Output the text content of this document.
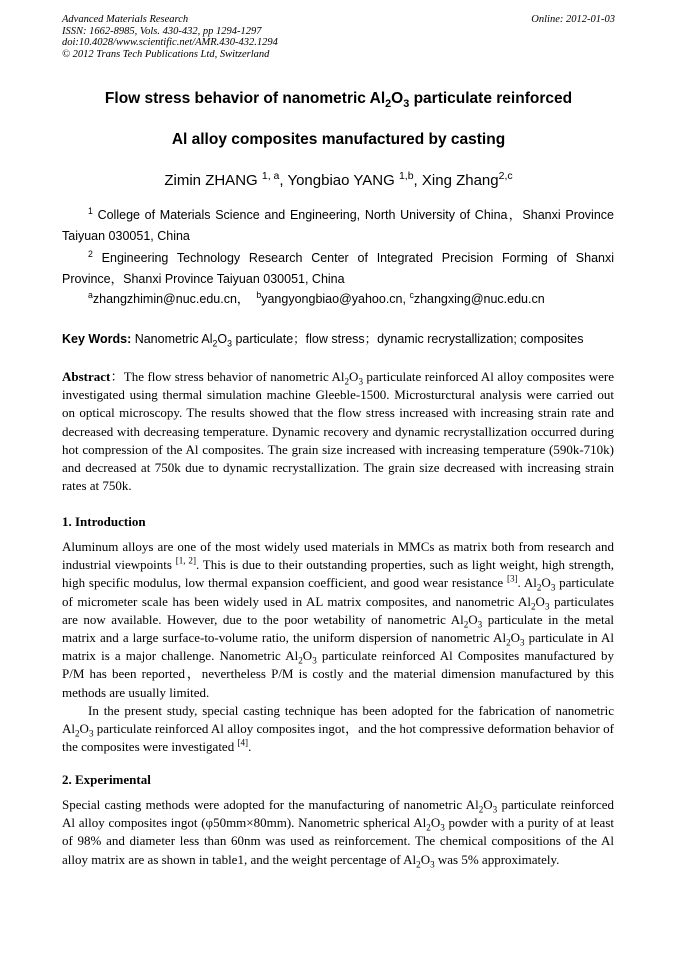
Advanced Materials Research
ISSN: 1662-8985, Vols. 430-432, pp 1294-1297
doi:10.4028/www.scientific.net/AMR.430-432.1294
© 2012 Trans Tech Publications Ltd, Switzerland
Online: 2012-01-03
Flow stress behavior of nanometric $Al_2O_3$ particulate reinforced
Al alloy composites manufactured by casting
Zimin ZHANG $^{1, a}$, Yongbiao YANG $^{1,b}$, Xing Zhang$^{2,c}$
$^1$ College of Materials Science and Engineering, North University of China，Shanxi Province Taiyuan 030051, China
$^2$ Engineering Technology Research Center of Integrated Precision Forming of Shanxi Province，Shanxi Province Taiyuan 030051, China
$^a$zhangzhimin@nuc.edu.cn， $^b$yangyongbiao@yahoo.cn, $^c$zhangxing@nuc.edu.cn
Key Words: Nanometric $Al_2O_3$ particulate；flow stress；dynamic recrystallization; composites
Abstract：The flow stress behavior of nanometric $Al_2O_3$ particulate reinforced Al alloy composites were investigated using thermal simulation machine Gleeble-1500. Microsturctural analysis were carried out on optical microscopy. The results showed that the flow stress increased with increasing strain rate and decreased with decreasing temperature. Dynamic recovery and dynamic recrystallization occurred during hot compression of the Al composites. The grain size increased with increasing temperature (590k-710k) and decreased at 750k due to dynamic recrystallization. The grain size decreased with increasing strain rates at 750k.
1. Introduction
Aluminum alloys are one of the most widely used materials in MMCs as matrix both from research and industrial viewpoints [1, 2]. This is due to their outstanding properties, such as light weight, high strength, high specific modulus, low thermal expansion coefficient, and good wear resistance [3]. $Al_2O_3$ particulate of micrometer scale has been widely used in AL matrix composites, and nanometric $Al_2O_3$ particulates are now available. However, due to the poor wetability of nanometric $Al_2O_3$ particulate in the metal matrix and a large surface-to-volume ratio, the uniform dispersion of nanometric $Al_2O_3$ particulate in Al matrix is a major challenge. Nanometric $Al_2O_3$ particulate reinforced Al Composites manufactured by P/M has been reported，nevertheless P/M is costly and the material dimension manufactured by this methods are usually limited.
In the present study, special casting technique has been adopted for the fabrication of nanometric $Al_2O_3$ particulate reinforced Al alloy composites ingot，and the hot compressive deformation behavior of the composites were investigated [4].
2. Experimental
Special casting methods were adopted for the manufacturing of nanometric $Al_2O_3$ particulate reinforced Al alloy composites ingot (φ50mm×80mm). Nanometric spherical $Al_2O_3$ powder with a purity of at least of 98% and diameter less than 60nm was used as reinforcement. The chemical compositions of the Al alloy matrix are as shown in table1, and the weight percentage of $Al_2O_3$ was 5% approximately.
